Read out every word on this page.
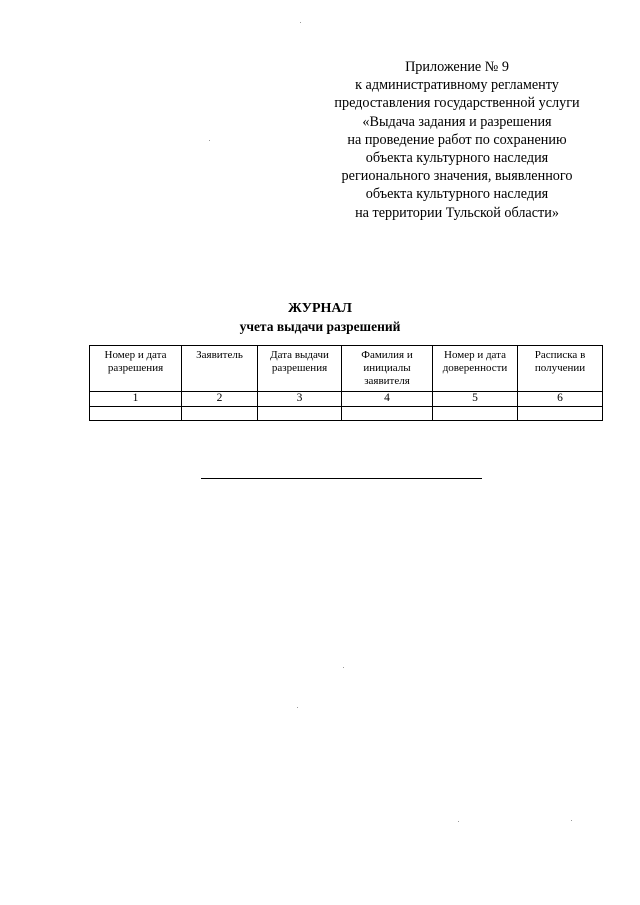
Приложение № 9
к административному регламенту
предоставления государственной услуги
«Выдача задания и разрешения
на проведение работ по сохранению
объекта культурного наследия
регионального значения, выявленного
объекта культурного наследия
на территории Тульской области»
ЖУРНАЛ
учета выдачи разрешений
Номер и дата разрешения	Заявитель	Дата выдачи разрешения	Фамилия и инициалы заявителя	Номер и дата доверенности	Расписка в получении
1	2	3	4	5	6
